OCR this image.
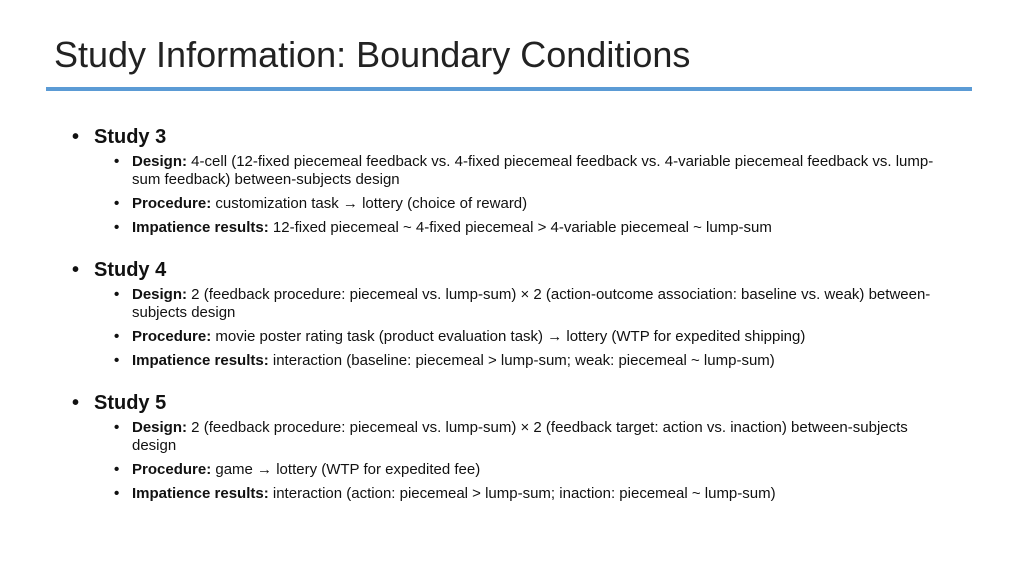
Study Information: Boundary Conditions
• Study 3
• Design: 4-cell (12-fixed piecemeal feedback vs. 4-fixed piecemeal feedback vs. 4-variable piecemeal feedback vs. lump-sum feedback) between-subjects design
• Procedure: customization task → lottery (choice of reward)
• Impatience results: 12-fixed piecemeal ~ 4-fixed piecemeal > 4-variable piecemeal ~ lump-sum
• Study 4
• Design: 2 (feedback procedure: piecemeal vs. lump-sum) × 2 (action-outcome association: baseline vs. weak) between-subjects design
• Procedure: movie poster rating task (product evaluation task) → lottery (WTP for expedited shipping)
• Impatience results: interaction (baseline: piecemeal > lump-sum; weak: piecemeal ~ lump-sum)
• Study 5
• Design: 2 (feedback procedure: piecemeal vs. lump-sum) × 2 (feedback target: action vs. inaction) between-subjects design
• Procedure: game → lottery (WTP for expedited fee)
• Impatience results: interaction (action: piecemeal > lump-sum; inaction: piecemeal ~ lump-sum)
